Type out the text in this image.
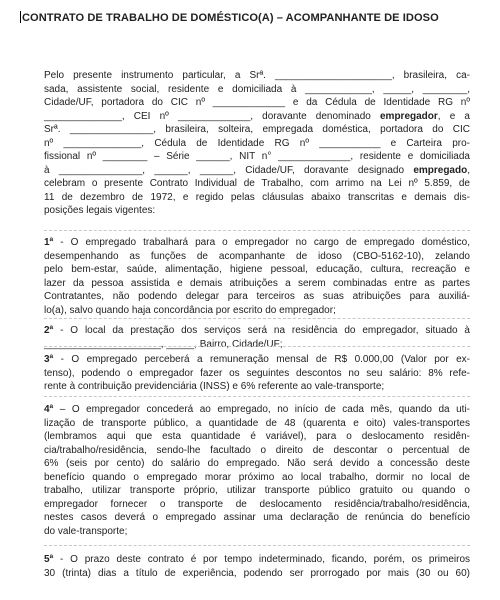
CONTRATO DE TRABALHO DE DOMÉSTICO(A) – ACOMPANHANTE DE IDOSO
Pelo presente instrumento particular, a Srª. _____________________, brasileira, ca-
sada, assistente social, residente e domiciliada à ____________, _____, ________,
Cidade/UF, portadora do CIC nº _____________ e da Cédula de Identidade RG nº
______________, CEI nº _____________, doravante denominado empregador, e a
Srª. _______________, brasileira, solteira, empregada doméstica, portadora do CIC
nº ______________, Cédula de Identidade RG nº ___________ e Carteira pro-
fissional nº ________ – Série ______, NIT n° _____________, residente e domiciliada
à _______________, ______, ______, Cidade/UF, doravante designado empregado,
celebram o presente Contrato Individual de Trabalho, com arrimo na Lei nº 5.859, de
11 de dezembro de 1972, e regido pelas cláusulas abaixo transcritas e demais dis-
posições legais vigentes:
1ª - O empregado trabalhará para o empregador no cargo de empregado doméstico,
desempenhando as funções de acompanhante de idoso (CBO-5162-10), zelando
pelo bem-estar, saúde, alimentação, higiene pessoal, educação, cultura, recreação e
lazer da pessoa assistida e demais atribuições a serem combinadas entre as partes
Contratantes, não podendo delegar para terceiros as suas atribuições para auxiliá-
lo(a), salvo quando haja concordância por escrito do empregador;
2ª - O local da prestação dos serviços será na residência do empregador, situado à
_____________________, _____, Bairro, Cidade/UF;
3ª - O empregado perceberá a remuneração mensal de R$ 0.000,00 (Valor por ex-
tenso), podendo o empregador fazer os seguintes descontos no seu salário: 8% refe-
rente à contribuição previdenciária (INSS) e 6% referente ao vale-transporte;
4ª – O empregador concederá ao empregado, no início de cada mês, quando da uti-
lização de transporte público, a quantidade de 48 (quarenta e oito) vales-transportes
(lembramos aqui que esta quantidade é variável), para o deslocamento residên-
cia/trabalho/residência, sendo-lhe facultado o direito de descontar o percentual de
6% (seis por cento) do salário do empregado. Não será devido a concessão deste
benefício quando o empregado morar próximo ao local trabalho, dormir no local de
trabalho, utilizar transporte próprio, utilizar transporte público gratuito ou quando o
empregador fornecer o transporte de deslocamento residência/trabalho/residência,
nestes casos deverá o empregado assinar uma declaração de renúncia do benefício
do vale-transporte;
5ª - O prazo deste contrato é por tempo indeterminado, ficando, porém, os primeiros
30 (trinta) dias a título de experiência, podendo ser prorrogado por mais (30 ou 60)
